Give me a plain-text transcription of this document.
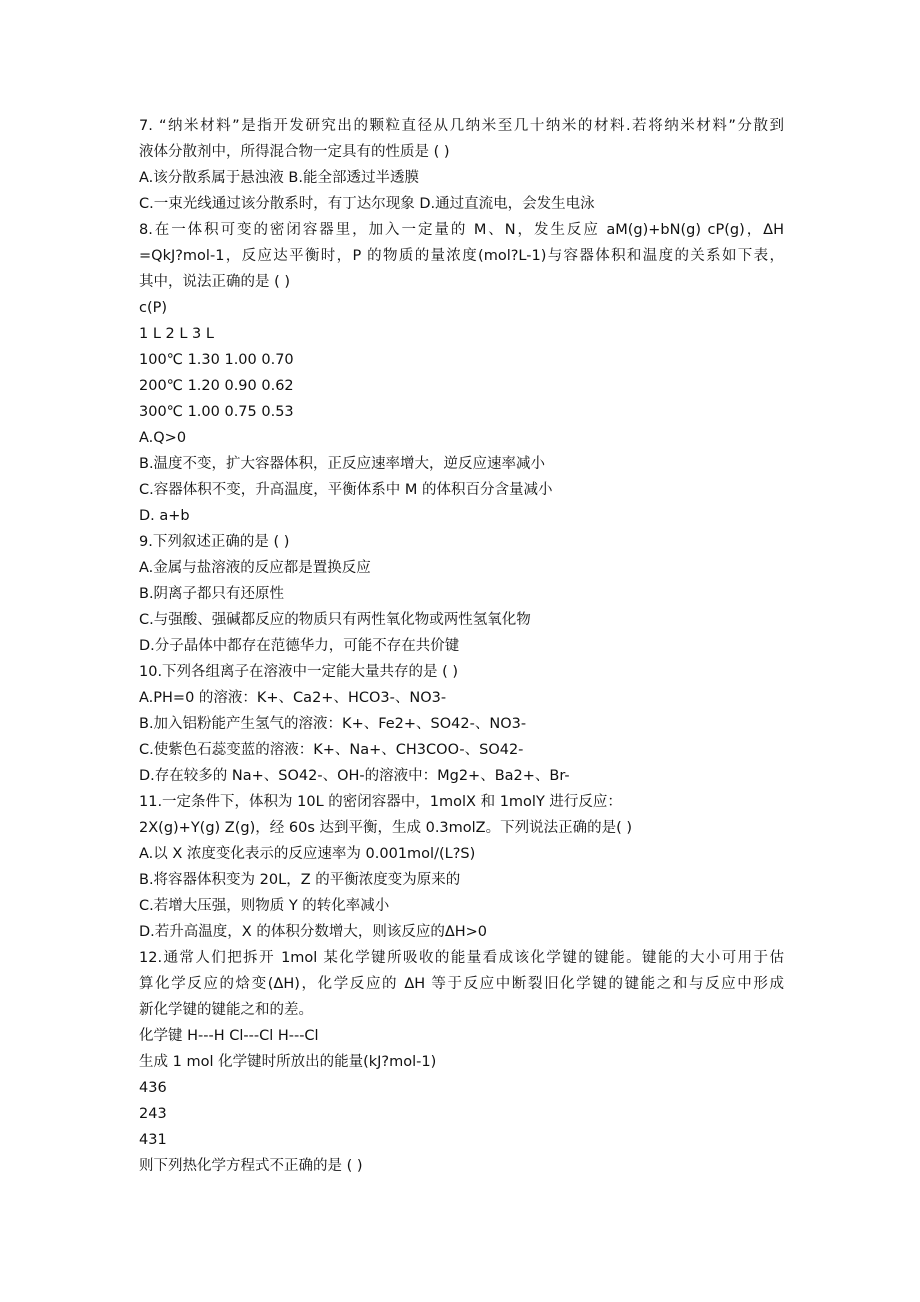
7. “纳米材料”是指开发研究出的颗粒直径从几纳米至几十纳米的材料.若将纳米材料”分散到
液体分散剂中，所得混合物一定具有的性质是 ( )
A.该分散系属于悬浊液 B.能全部透过半透膜
C.一束光线通过该分散系时，有丁达尔现象 D.通过直流电，会发生电泳
8.在一体积可变的密闭容器里，加入一定量的 M、N，发生反应 aM(g)+bN(g) cP(g)，ΔH
=QkJ?mol-1，反应达平衡时，P 的物质的量浓度(mol?L-1)与容器体积和温度的关系如下表，
其中，说法正确的是 ( )
c(P)
1 L 2 L 3 L
100℃ 1.30 1.00 0.70
200℃ 1.20 0.90 0.62
300℃ 1.00 0.75 0.53
A.Q>0
B.温度不变，扩大容器体积，正反应速率增大，逆反应速率减小
C.容器体积不变，升高温度，平衡体系中 M 的体积百分含量减小
D. a+b
9.下列叙述正确的是 ( )
A.金属与盐溶液的反应都是置换反应
B.阴离子都只有还原性
C.与强酸、强碱都反应的物质只有两性氧化物或两性氢氧化物
D.分子晶体中都存在范德华力，可能不存在共价键
10.下列各组离子在溶液中一定能大量共存的是 ( )
A.PH=0 的溶液：K+、Ca2+、HCO3-、NO3-
B.加入铝粉能产生氢气的溶液：K+、Fe2+、SO42-、NO3-
C.使紫色石蕊变蓝的溶液：K+、Na+、CH3COO-、SO42-
D.存在较多的 Na+、SO42-、OH-的溶液中：Mg2+、Ba2+、Br-
11.一定条件下，体积为 10L 的密闭容器中，1molX 和 1molY 进行反应：
2X(g)+Y(g) Z(g)，经 60s 达到平衡，生成 0.3molZ。下列说法正确的是( )
A.以 X 浓度变化表示的反应速率为 0.001mol/(L?S)
B.将容器体积变为 20L，Z 的平衡浓度变为原来的
C.若增大压强，则物质 Y 的转化率减小
D.若升高温度，X 的体积分数增大，则该反应的ΔH>0
12.通常人们把拆开 1mol 某化学键所吸收的能量看成该化学键的键能。键能的大小可用于估
算化学反应的焓变(ΔH)，化学反应的 ΔH 等于反应中断裂旧化学键的键能之和与反应中形成
新化学键的键能之和的差。
化学键 H---H Cl---Cl H---Cl
生成 1 mol 化学键时所放出的能量(kJ?mol-1)
436
243
431
则下列热化学方程式不正确的是 ( )
